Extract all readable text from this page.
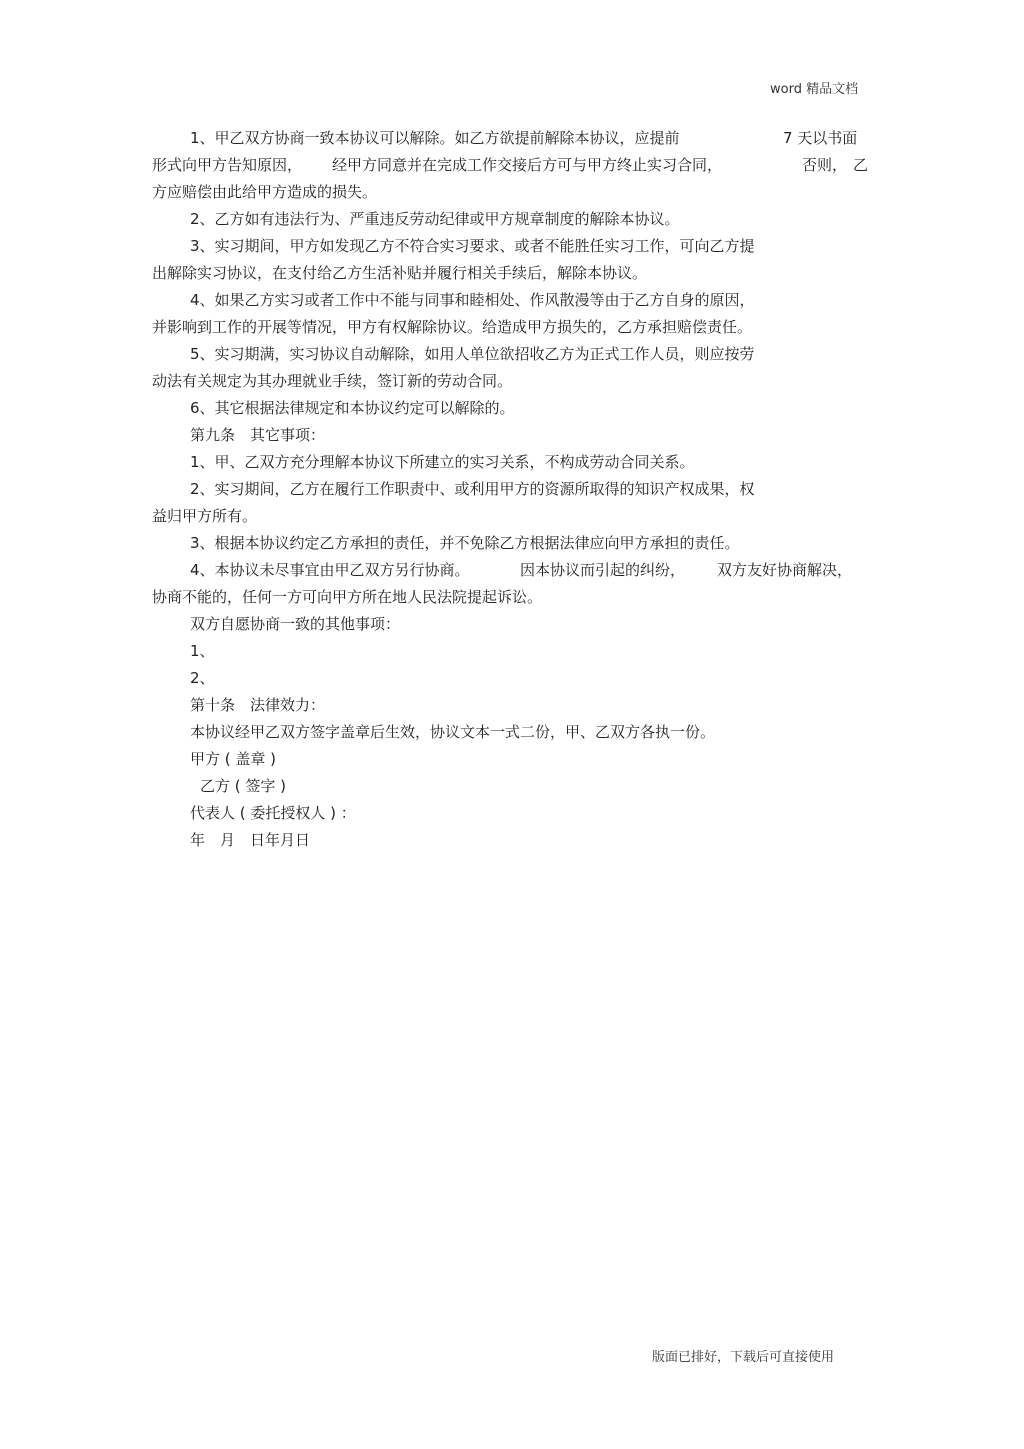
word 精品文档
1、甲乙双方协商一致本协议可以解除。如乙方欲提前解除本协议，应提前	7 天以书面
形式向甲方告知原因， 经甲方同意并在完成工作交接后方可与甲方终止实习合同，	否则， 乙
方应赔偿由此给甲方造成的损失。
2、乙方如有违法行为、严重违反劳动纪律或甲方规章制度的解除本协议。
3、实习期间，甲方如发现乙方不符合实习要求、或者不能胜任实习工作，可向乙方提
出解除实习协议，在支付给乙方生活补贴并履行相关手续后，解除本协议。
4、如果乙方实习或者工作中不能与同事和睦相处、作风散漫等由于乙方自身的原因，
并影响到工作的开展等情况，甲方有权解除协议。给造成甲方损失的，乙方承担赔偿责任。
5、实习期满，实习协议自动解除，如用人单位欲招收乙方为正式工作人员，则应按劳
动法有关规定为其办理就业手续，签订新的劳动合同。
6、其它根据法律规定和本协议约定可以解除的。
第九条　其它事项：
1、甲、乙双方充分理解本协议下所建立的实习关系，不构成劳动合同关系。
2、实习期间，乙方在履行工作职责中、或利用甲方的资源所取得的知识产权成果，权
益归甲方所有。
3、根据本协议约定乙方承担的责任，并不免除乙方根据法律应向甲方承担的责任。
4、本协议未尽事宜由甲乙双方另行协商。	因本协议而引起的纠纷， 双方友好协商解决，
协商不能的，任何一方可向甲方所在地人民法院提起诉讼。
双方自愿协商一致的其他事项：
1、
2、
第十条　法律效力：
本协议经甲乙双方签字盖章后生效，协议文本一式二份，甲、乙双方各执一份。
甲方 ( 盖章 )
乙方 ( 签字 )
代表人 ( 委托授权人 ) ：
年　月　日年月日
版面已排好，下载后可直接使用
